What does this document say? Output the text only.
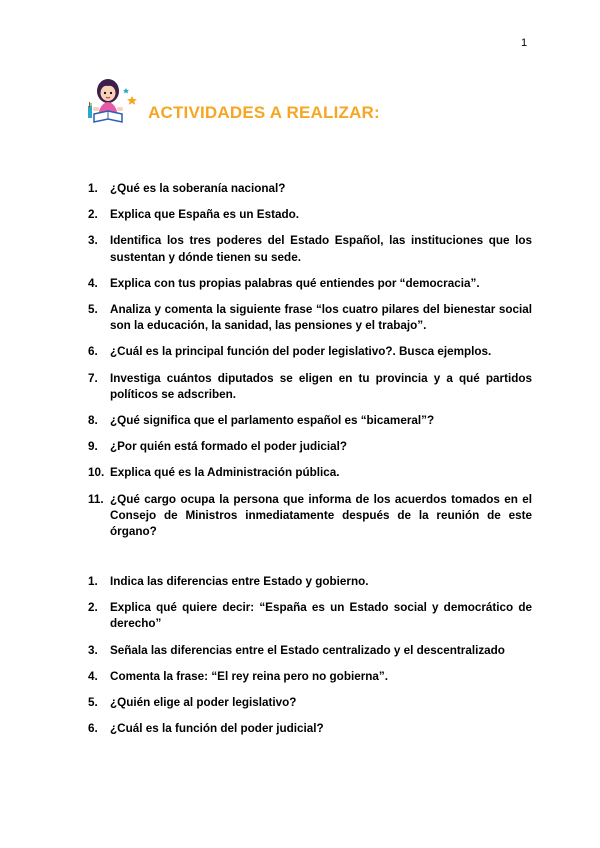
1
ACTIVIDADES A REALIZAR:
1.	¿Qué es la soberanía nacional?
2.	Explica que España es un Estado.
3.	Identifica los tres poderes del Estado Español, las instituciones que los sustentan y dónde tienen su sede.
4.	Explica con tus propias palabras qué entiendes por “democracia”.
5.	Analiza y comenta la siguiente frase “los cuatro pilares del bienestar social son la educación, la sanidad, las pensiones y el trabajo”.
6.	¿Cuál es la principal función del poder legislativo?. Busca ejemplos.
7.	Investiga cuántos diputados se eligen en tu provincia y a qué partidos políticos se adscriben.
8.	¿Qué significa que el parlamento español es “bicameral”?
9.	¿Por quién está formado el poder judicial?
10. Explica qué es la Administración pública.
11. ¿Qué cargo ocupa la persona que informa de los acuerdos tomados en el Consejo de Ministros inmediatamente después de la reunión de este órgano?
1.	Indica las diferencias entre Estado y gobierno.
2.	Explica qué quiere decir: “España es un Estado social y democrático de derecho”
3.	Señala las diferencias entre el Estado centralizado y el descentralizado
4.	Comenta la frase: “El rey reina pero no gobierna”.
5.	¿Quién elige al poder legislativo?
6.	¿Cuál es la función del poder judicial?
